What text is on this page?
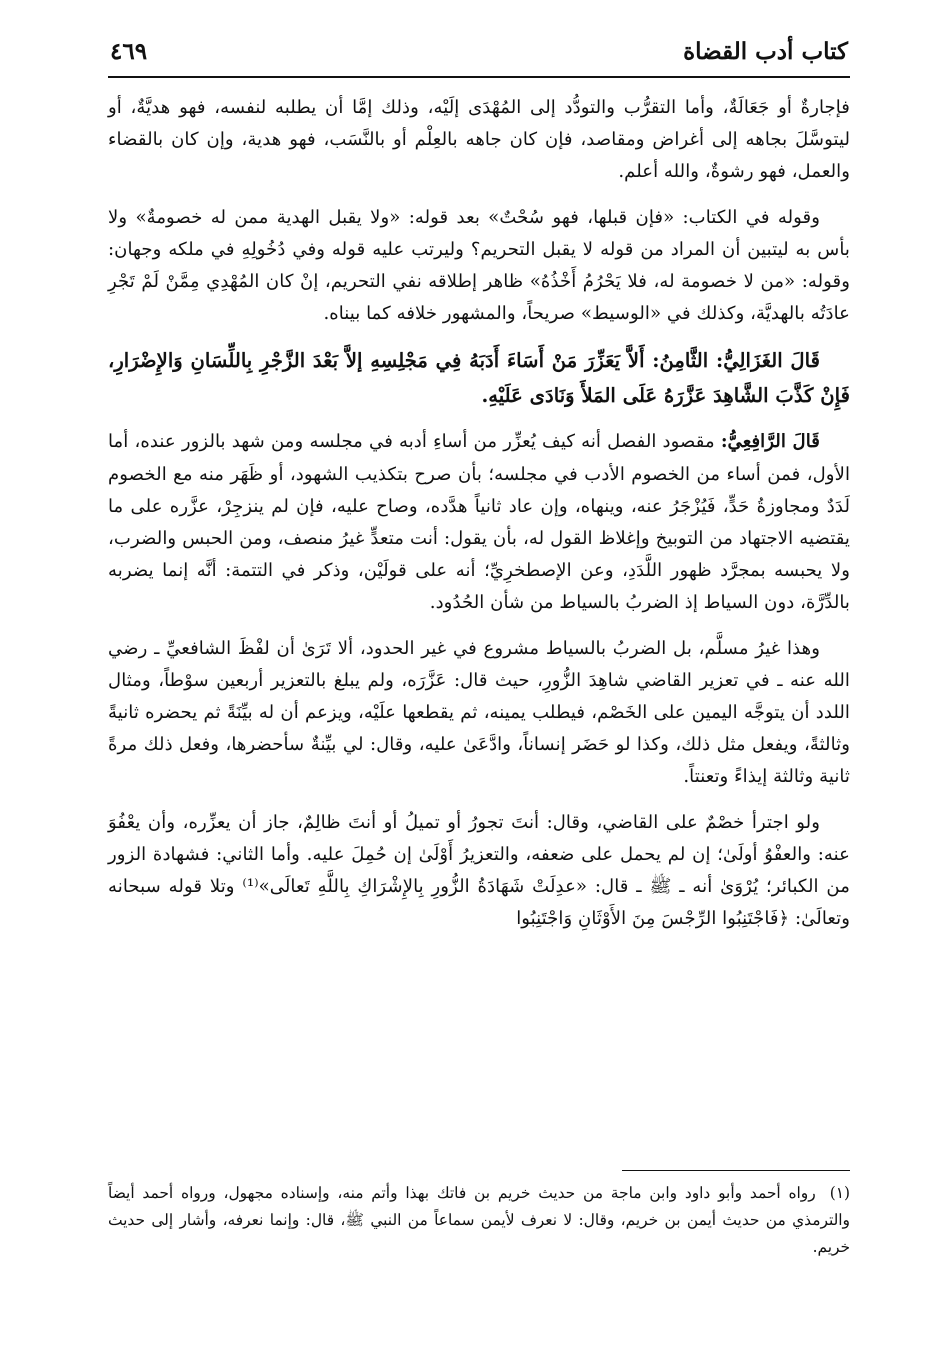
كتاب أدب القضاة
٤٦٩

فإجارةٌ أو جَعَالَةٌ، وأما التقرُّب والتودُّد إلى المُهْدَى إلَيْه، وذلك إمَّا أن يطلبه لنفسه، فهو هديَّةٌ، أو ليتوسَّلَ بجاهه إلى أغراض ومقاصد، فإن كان جاهه بالعِلْم أو بالنَّسَب، فهو هدية، وإن كان بالقضاء والعمل، فهو رشوةٌ، والله أعلم.

وقوله في الكتاب: «فإن قبلها، فهو سُحْتٌ» بعد قوله: «ولا يقبل الهدية ممن له خصومةٌ» ولا بأس به ليتبين أن المراد من قوله لا يقبل التحريم؟ وليرتب عليه قوله وفي دُخُولِهِ في ملكه وجهان: وقوله: «من لا خصومة له، فلا يَحْرُمُ أَخْذُهُ» ظاهر إطلاقه نفي التحريم، إنْ كان المُهْدِي مِمَّنْ لَمْ تَجْرِ عادَتُه بالهديَّة، وكذلك في «الوسيط» صريحاً، والمشهور خلافه كما بيناه.

قَالَ الغَزَالِيُّ: الثَّامِنُ: أَلاَّ يَعَزِّرَ مَنْ أَسَاءَ أَدَبَهُ فِي مَجْلِسِهِ إلاَّ بَعْدَ الزَّجْرِ بِاللِّسَانِ وَالإِضْرَارِ، فَإِنْ كَذَّبَ الشَّاهِدَ عَزَّرَهُ عَلَى المَلأَ وَنَادَى عَلَيْهِ.

قَالَ الرَّافِعِيُّ: مقصود الفصل أنه كيف يُعزِّر من أساءِ أدبه في مجلسه ومن شهد بالزور عنده، أما الأول، فمن أساء من الخصوم الأدب في مجلسه؛ بأن صرح بتكذيب الشهود، أو ظَهَر منه مع الخصوم لَدَدٌ ومجاوزةُ حَدٍّ، فَيُزْجَرُ عنه، وينهاه، وإن عاد ثانياً هدَّده، وصاح عليه، فإن لم ينزجِرْ، عزَّره على ما يقتضيه الاجتهاد من التوبيخ وإغلاظ القول له، بأن يقول: أنت متعدٍّ غيرُ منصف، ومن الحبس والضرب، ولا يحبسه بمجرَّد ظهور اللَّدَدِ، وعن الإصطخرِيِّ؛ أنه على قولَيْن، وذكر في التتمة: أنَّه إنما يضربه بالدِّرَّة، دون السياط إذ الضربُ بالسياط من شأن الحُدُود.

وهذا غيرُ مسلَّم، بل الضربُ بالسياط مشروع في غير الحدود، ألا تَرَىٰ أن لفْظَ الشافعيِّ ـ رضي الله عنه ـ في تعزير القاضي شاهِدَ الزُّورِ، حيث قال: عَزَّرَه، ولم يبلغ بالتعزير أربعين سوْطاً، ومثال اللدد أن يتوجَّه اليمين على الخَصْم، فيطلب يمينه، ثم يقطعها علَيْه، ويزعم أن له بيِّنَةً ثم يحضره ثانيةً وثالثةً، ويفعل مثل ذلك، وكذا لو حَضَر إنساناً، وادَّعَىٰ عليه، وقال: لي بيِّنةٌ سأحضرها، وفعل ذلك مرةً ثانية وثالثة إيذاءً وتعنتاً.

ولو اجترأ خصْمٌ على القاضي، وقال: أنتَ تجورُ أو تميلُ أو أنتَ ظالِمٌ، جاز أن يعزِّره، وأن يعْفُوَ عنه: والعفْوُ أولَىٰ؛ إن لم يحمل على ضعفه، والتعزيرُ أَوْلَىٰ إن حُمِلَ عليه. وأما الثاني: فشهادة الزور من الكبائر؛ يُرْوَىٰ أنه ـ ﷺ ـ قال: «عدِلَتْ شَهَادَةُ الزُّورِ بِالإِشْرَاكِ بِاللَّهِ تَعالَى»⁽¹⁾ وتلا قوله سبحانه وتعالَىٰ: ﴿فَاجْتَنِبُوا الرِّجْسَ مِنَ الأَوْثَانِ وَاجْتَنِبُوا

(١)رواه أحمد وأبو داود وابن ماجة من حديث خريم بن فاتك بهذا وأتم منه، وإسناده مجهول، ورواه أحمد أيضاً والترمذي من حديث أيمن بن خريم، وقال: لا نعرف لأيمن سماعاً من النبي ﷺ، قال: وإنما نعرفه، وأشار إلى حديث خريم.
